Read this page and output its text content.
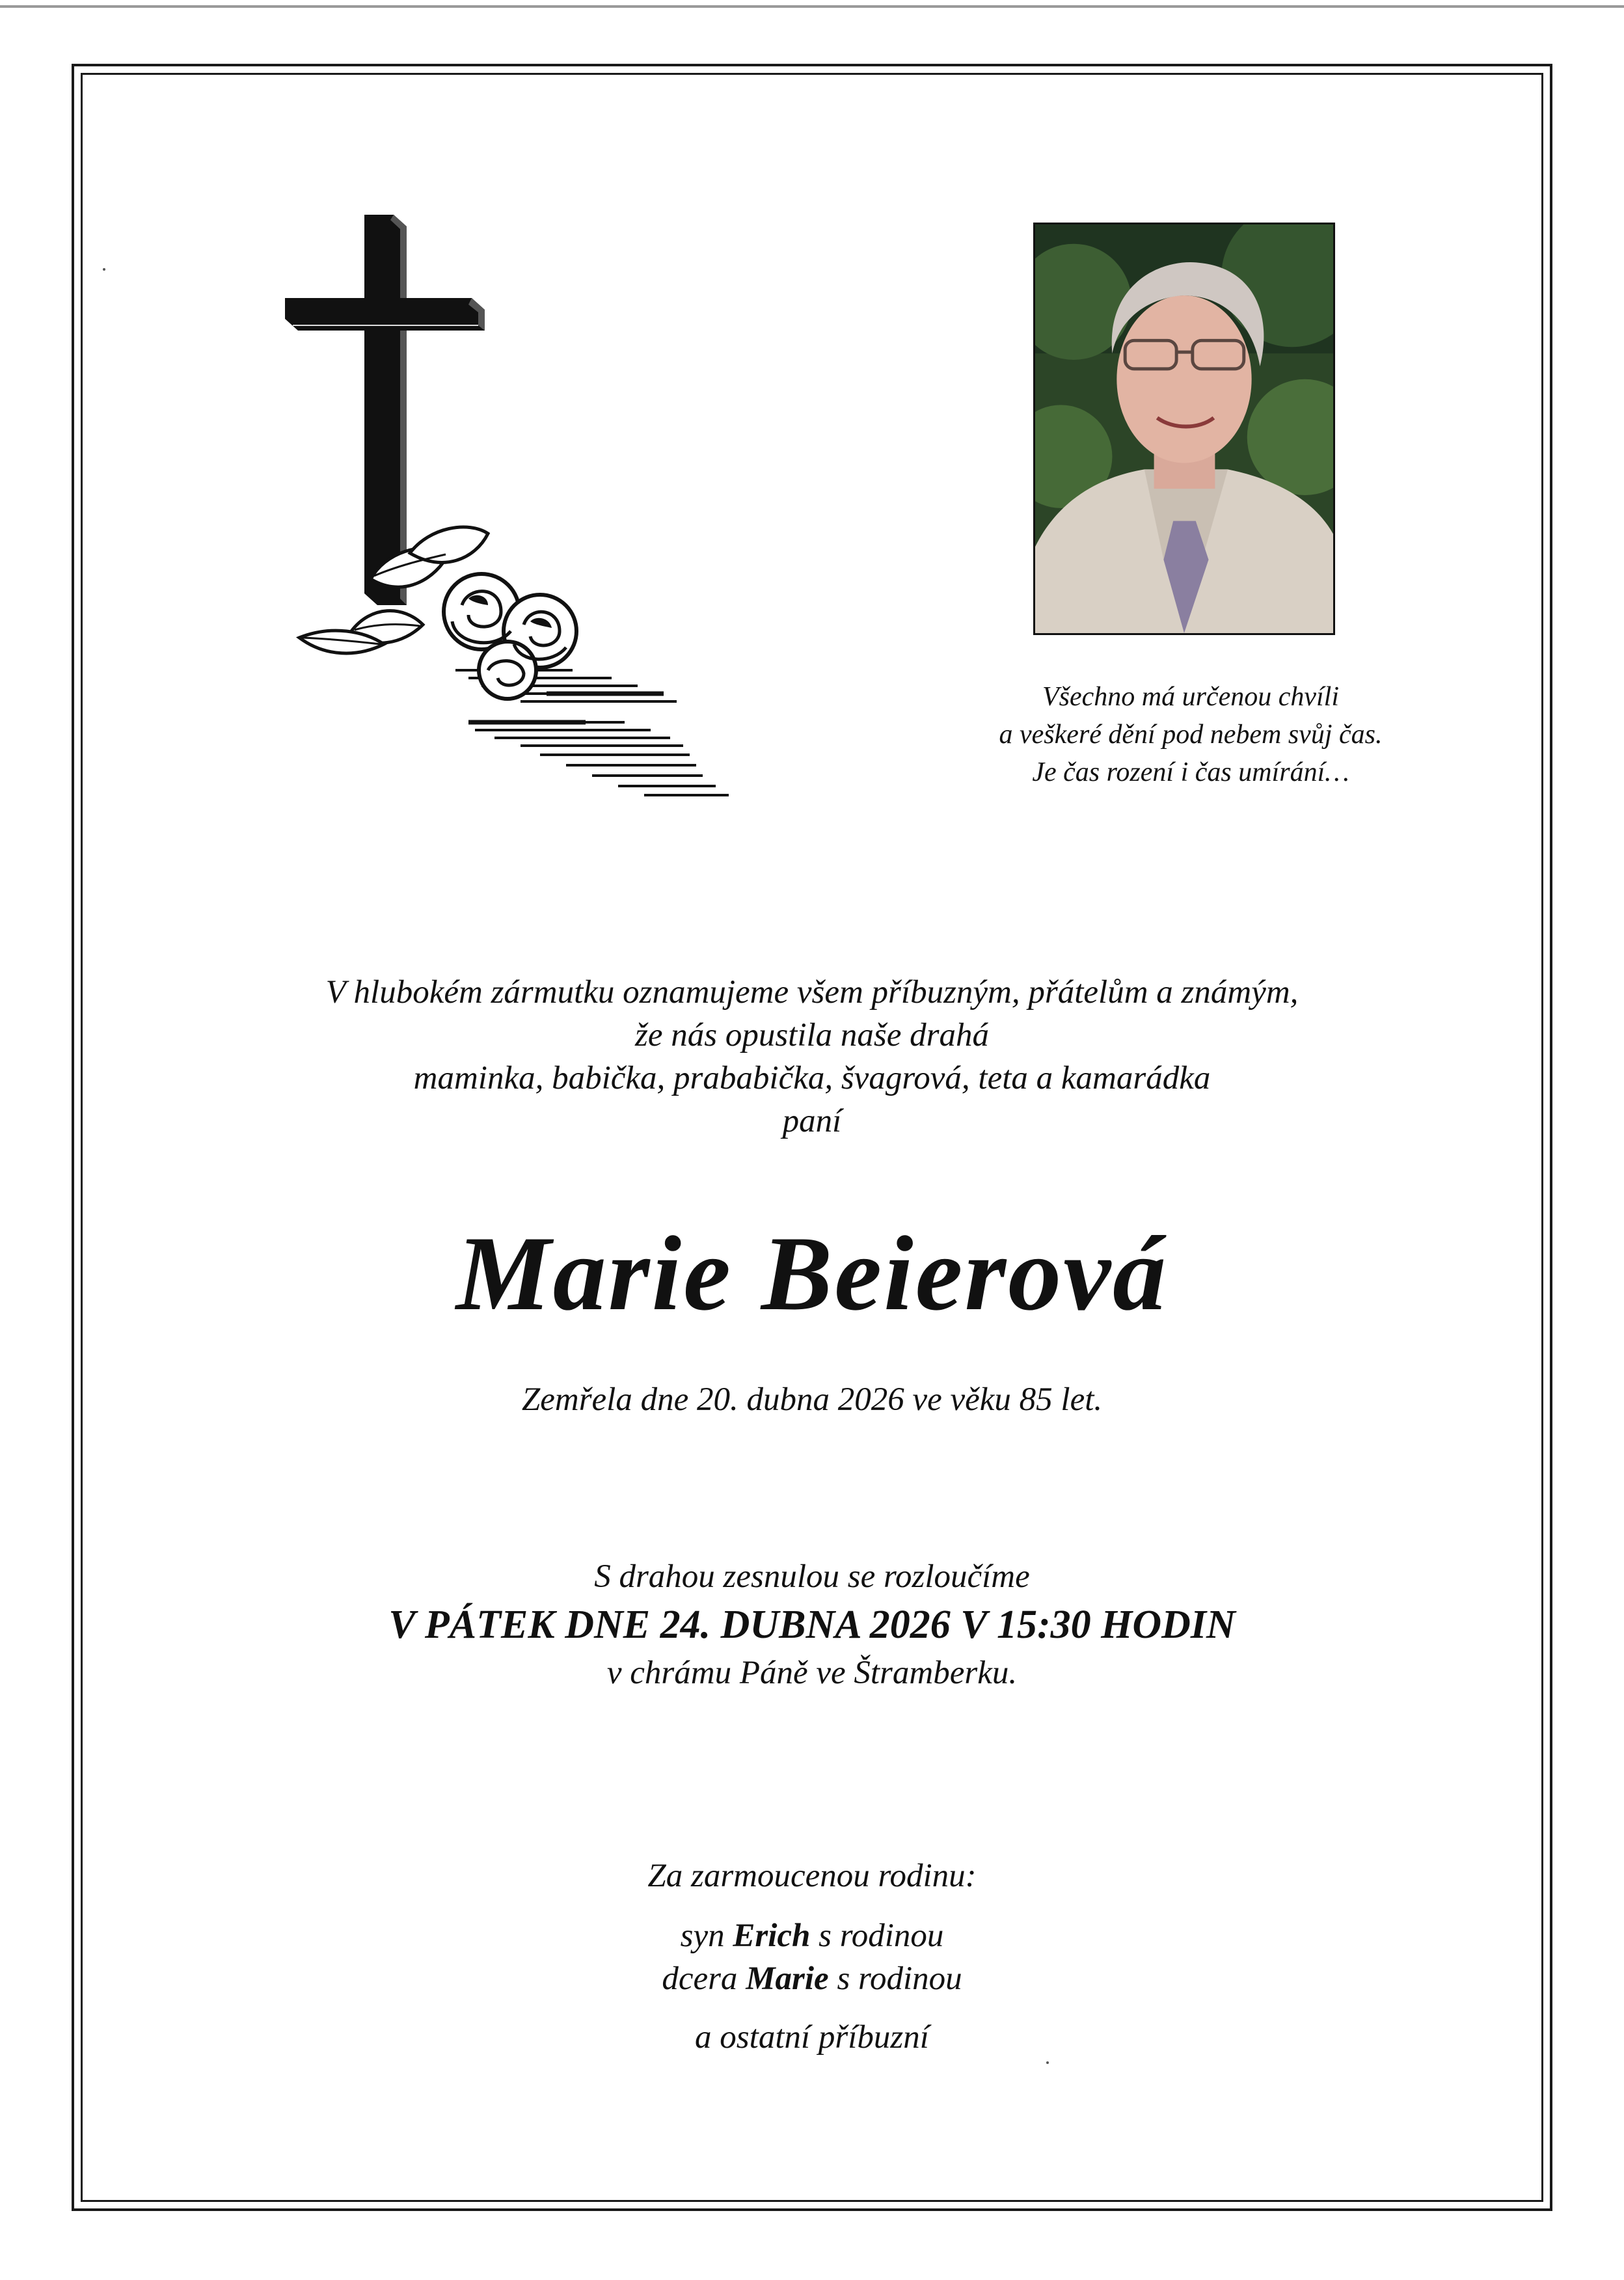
Všechno má určenou chvíli
a veškeré dění pod nebem svůj čas.
Je čas rození i čas umírání…
V hlubokém zármutku oznamujeme všem příbuzným, přátelům a známým,
že nás opustila naše drahá
maminka, babička, prababička, švagrová, teta a kamarádka
paní
Marie Beierová
Zemřela dne 20. dubna 2026 ve věku 85 let.
S drahou zesnulou se rozloučíme
V PÁTEK DNE 24. DUBNA 2026 V 15:30 HODIN
v chrámu Páně ve Štramberku.
Za zarmoucenou rodinu:
syn Erich s rodinou
dcera Marie s rodinou
a ostatní příbuzní
